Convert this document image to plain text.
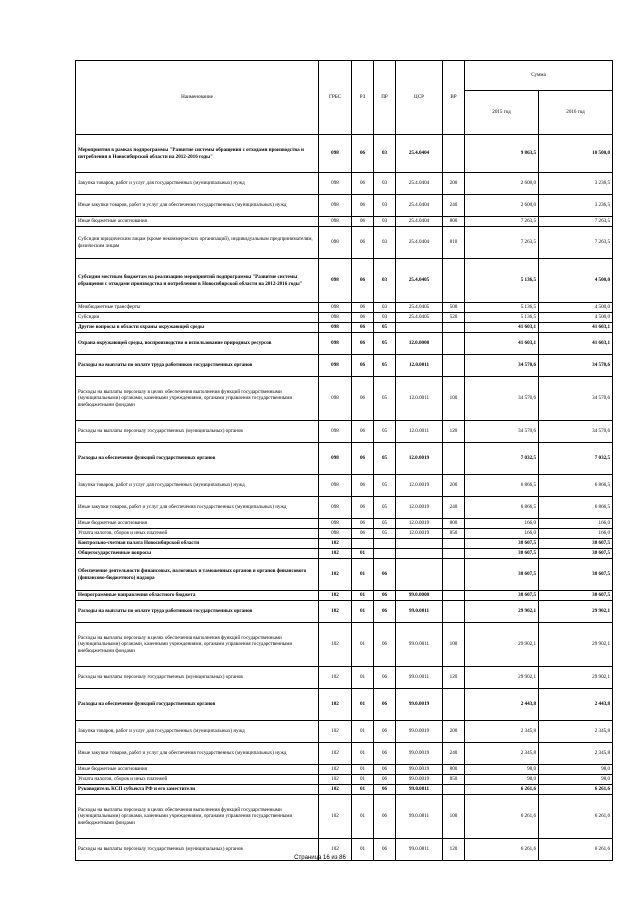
Наименование	ГРБС	РЗ	ПР	ЦСР	ВР	Сумма	
						2015 год	2016 год
Мероприятия в рамках подпрограммы "Развитие системы обращения с отходами производства и потребления в Новосибирской области на 2012-2016 годы"	098	06	03	25.4.0404		9 863,5	10 500,0
Закупка товаров, работ и услуг для государственных (муниципальных) нужд	098	06	03	25.4.0404	200	2 600,0	3 236,5
Иные закупки товаров, работ и услуг для обеспечения государственных (муниципальных) нужд	098	06	03	25.4.0404	240	2 600,0	3 236,5
Иные бюджетные ассигнования	098	06	03	25.4.0404	800	7 263,5	7 263,5
Субсидии юридическим лицам (кроме некоммерческих организаций), индивидуальным предпринимателям, физическим лицам	098	06	03	25.4.0404	810	7 263,5	7 263,5
Субсидии местным бюджетам на реализацию мероприятий подпрограммы "Развитие системы обращения с отходами производства и потребления в Новосибирской области на 2012-2016 годы"	098	06	03	25.4.0405		5 136,5	4 500,0
Межбюджетные трансферты	098	06	03	25.4.0405	500	5 136,5	4 500,0
Субсидии	098	06	03	25.4.0405	520	5 136,5	4 500,0
Другие вопросы в области охраны окружающей среды	098	06	05			41 603,1	41 603,1
Охрана окружающей среды, воспроизводство и использование природных ресурсов	098	06	05	12.0.0000		41 603,1	41 603,1
Расходы на выплаты по оплате труда работников государственных органов	098	06	05	12.0.0011		34 570,6	34 570,6
Расходы на выплаты персоналу в целях обеспечения выполнения функций государственными (муниципальными) органами, казенными учреждениями, органами управления государственными внебюджетными фондами	098	06	05	12.0.0011	100	34 570,6	34 570,6
Расходы на выплаты персоналу государственных (муниципальных) органов	098	06	05	12.0.0011	120	34 570,6	34 570,6
Расходы на обеспечение функций государственных органов	098	06	05	12.0.0019		7 032,5	7 032,5
Закупка товаров, работ и услуг для государственных (муниципальных) нужд	098	06	05	12.0.0019	200	6 866,5	6 866,5
Иные закупки товаров, работ и услуг для обеспечения государственных (муниципальных) нужд	098	06	05	12.0.0019	240	6 866,5	6 866,5
Иные бюджетные ассигнования	098	06	05	12.0.0019	800	166,0	166,0
Уплата налогов, сборов и иных платежей	098	06	05	12.0.0019	850	166,0	166,0
Контрольно-счетная палата Новосибирской области	102					38 607,5	38 607,5
Общегосударственные вопросы	102	01				38 607,5	38 607,5
Обеспечение деятельности финансовых, налоговых и таможенных органов и органов финансового (финансово-бюджетного) надзора	102	01	06			38 607,5	38 607,5
Непрограммные направления областного бюджета	102	01	06	99.0.0000		38 607,5	38 607,5
Расходы на выплаты по оплате труда работников государственных органов	102	01	06	99.0.0011		29 902,1	29 902,1
Расходы на выплаты персоналу в целях обеспечения выполнения функций государственными (муниципальными) органами, казенными учреждениями, органами управления государственными внебюджетными фондами	102	01	06	99.0.0011	100	29 902,1	29 902,1
Расходы на выплаты персоналу государственных (муниципальных) органов	102	01	06	99.0.0011	120	29 902,1	29 902,1
Расходы на обеспечение функций государственных органов	102	01	06	99.0.0019		2 443,8	2 443,8
Закупка товаров, работ и услуг для государственных (муниципальных) нужд	102	01	06	99.0.0019	200	2 345,8	2 345,8
Иные закупки товаров, работ и услуг для обеспечения государственных (муниципальных) нужд	102	01	06	99.0.0019	240	2 345,8	2 345,8
Иные бюджетные ассигнования	102	01	06	99.0.0019	800	98,0	98,0
Уплата налогов, сборов и иных платежей	102	01	06	99.0.0019	850	98,0	98,0
Руководитель КСП субъекта РФ и его заместители	102	01	06	99.0.0811		6 261,6	6 261,6
Расходы на выплаты персоналу в целях обеспечения выполнения функций государственными (муниципальными) органами, казенными учреждениями, органами управления государственными внебюджетными фондами	102	01	06	99.0.0811	100	6 261,6	6 261,6
Расходы на выплаты персоналу государственных (муниципальных) органов	102	01	06	99.0.0811	120	6 261,6	6 261,6
Страница 16 из 86
